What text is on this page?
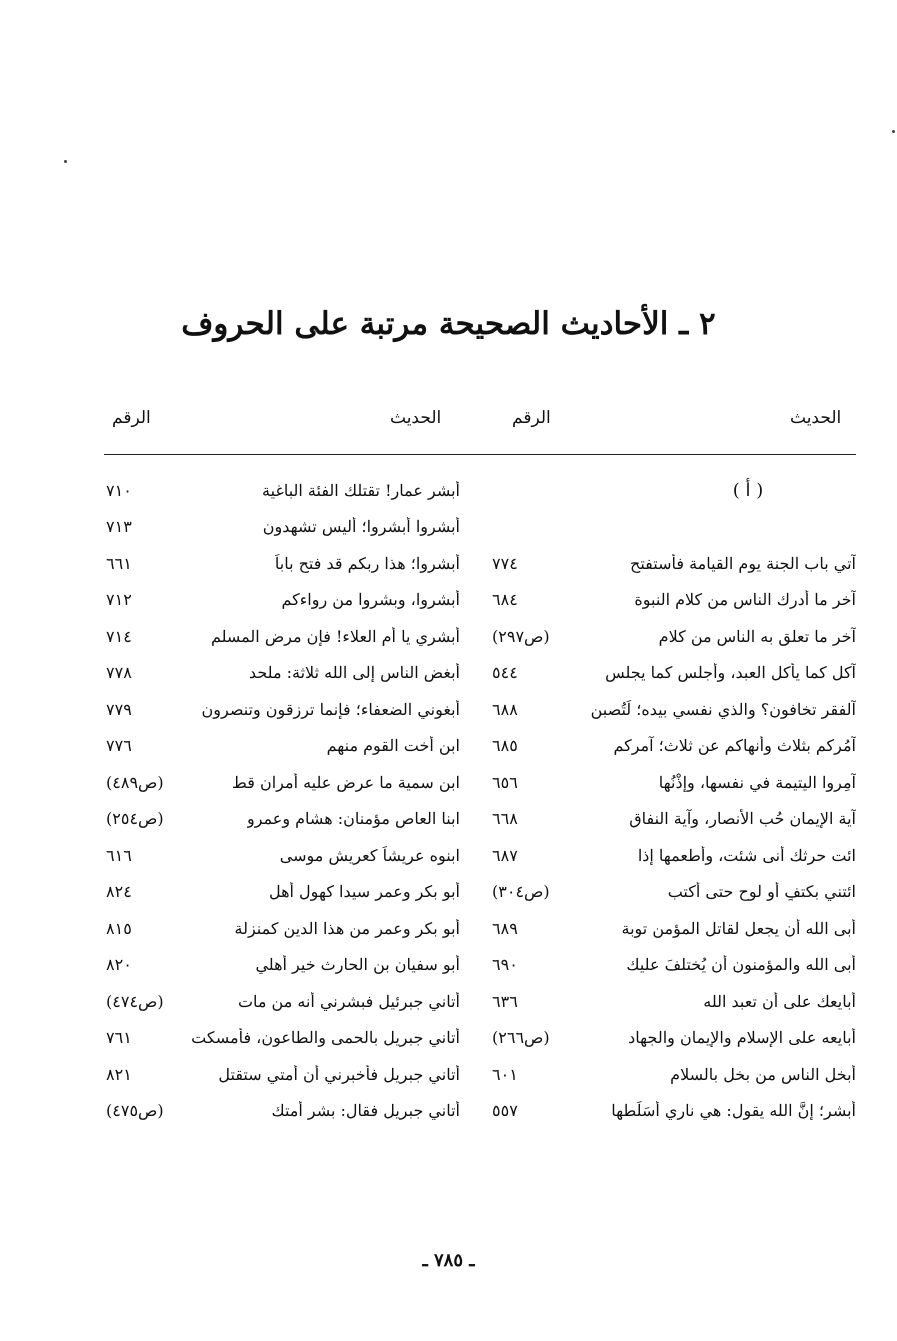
٢ ـ الأحاديث الصحيحة مرتبة على الحروف
الحديث
الرقم
الحديث
الرقم
( أ )
آتي باب الجنة يوم القيامة فأستفتح
٧٧٤
آخر ما أدرك الناس من كلام النبوة
٦٨٤
آخر ما تعلق به الناس من كلام
(ص٢٩٧)
آكل كما يأكل العبد، وأجلس كما يجلس
٥٤٤
آلفقر تخافون؟ والذي نفسي بيده؛ لَتُصبن
٦٨٨
آمُركم بثلاث وأنهاكم عن ثلاث؛ آمركم
٦٨٥
آمِروا اليتيمة في نفسها، وإِذْنُها
٦٥٦
آية الإيمان حُب الأنصار، وآية النفاق
٦٦٨
ائت حرثك أنى شئت، وأطعمها إذا
٦٨٧
ائتني بكتفٍ أو لوحٍ حتى أكتب
(ص٣٠٤)
أبى الله أن يجعل لقاتل المؤمن توبة
٦٨٩
أبى الله والمؤمنون أن يُختلفَ عليك
٦٩٠
أبايعك على أن تعبد الله
٦٣٦
أبايعه على الإسلام والإيمان والجهاد
(ص٢٦٦)
أبخل الناس من بخل بالسلام
٦٠١
أبشر؛ إنَّ الله يقول: هي ناري أُسَلِّطها
٥٥٧
أبشر عمار! تقتلك الفئة الباغية
٧١٠
أبشروا أبشروا؛ أليس تشهدون
٧١٣
أبشروا؛ هذا ربكم قد فتح باباً
٦٦١
أبشروا، وبشروا من رواءكم
٧١٢
أبشري يا أم العلاء! فإن مرض المسلم
٧١٤
أبغض الناس إلى الله ثلاثة: ملحد
٧٧٨
أبغوني الضعفاء؛ فإنما ترزقون وتنصرون
٧٧٩
ابن أخت القوم منهم
٧٧٦
ابن سمية ما عرض عليه أمران قط
(ص٤٨٩)
ابنا العاص مؤمنان: هشام وعمرو
(ص٢٥٤)
ابنوه عريشاً كعريش موسى
٦١٦
أبو بكر وعمر سيدا كهول أهل
٨٢٤
أبو بكر وعمر من هذا الدين كمنزلة
٨١٥
أبو سفيان بن الحارث خير أهلي
٨٢٠
أتاني جبرئيل فبشرني أنه من مات
(ص٤٧٤)
أتاني جبريل بالحمى والطاعون، فأمسكت
٧٦١
أتاني جبريل فأخبرني أن أمتي ستقتل
٨٢١
أتاني جبريل فقال: بشر أمتك
(ص٤٧٥)
ـ ٧٨٥ ـ
